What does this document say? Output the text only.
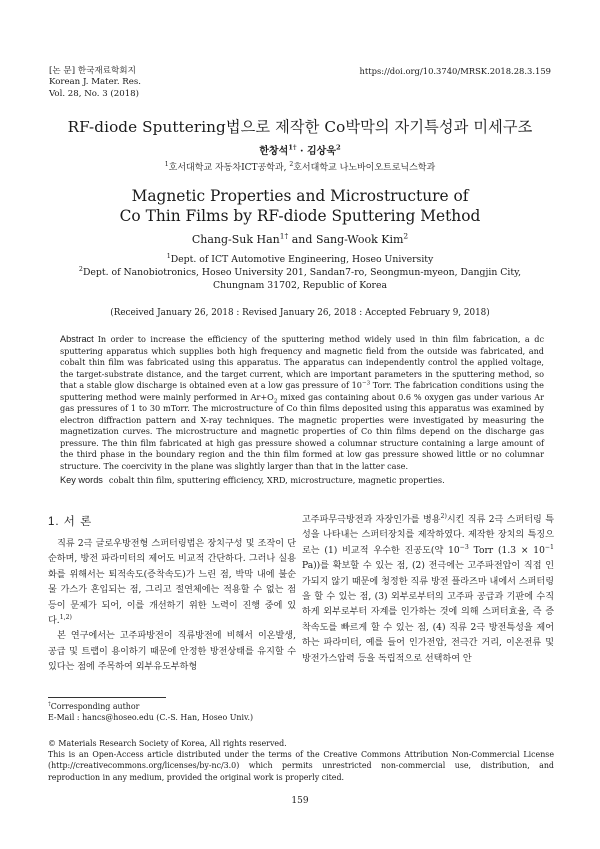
[논 문] 한국재료학회지
Korean J. Mater. Res.
Vol. 28, No. 3 (2018)
https://doi.org/10.3740/MRSK.2018.28.3.159
RF-diode Sputtering법으로 제작한 Co박막의 자기특성과 미세구조
한창석$^{1\dagger}$ · 김상욱$^2$
$^1$호서대학교 자동차ICT공학과, $^2$호서대학교 나노바이오트로닉스학과
Magnetic Properties and Microstructure of
Co Thin Films by RF-diode Sputtering Method
Chang-Suk Han$^{1\dagger}$ and Sang-Wook Kim$^2$
$^1$Dept. of ICT Automotive Engineering, Hoseo University
$^2$Dept. of Nanobiotronics, Hoseo University 201, Sandan7-ro, Seongmun-myeon, Dangjin City,
Chungnam 31702, Republic of Korea
(Received January 26, 2018 : Revised January 26, 2018 : Accepted February 9, 2018)
Abstract In order to increase the efficiency of the sputtering method widely used in thin film fabrication, a dc sputtering apparatus which supplies both high frequency and magnetic field from the outside was fabricated, and cobalt thin film was fabricated using this apparatus. The apparatus can independently control the applied voltage, the target-substrate distance, and the target current, which are important parameters in the sputtering method, so that a stable glow discharge is obtained even at a low gas pressure of $10^{-3}$ Torr. The fabrication conditions using the sputtering method were mainly performed in $Ar+O_2$ mixed gas containing about 0.6 % oxygen gas under various Ar gas pressures of 1 to 30 mTorr. The microstructure of Co thin films deposited using this apparatus was examined by electron diffraction pattern and X-ray techniques. The magnetic properties were investigated by measuring the magnetization curves. The microstructure and magnetic properties of Co thin films depend on the discharge gas pressure. The thin film fabricated at high gas pressure showed a columnar structure containing a large amount of the third phase in the boundary region and the thin film formed at low gas pressure showed little or no columnar structure. The coercivity in the plane was slightly larger than that in the latter case.
Key words cobalt thin film, sputtering efficiency, XRD, microstructure, magnetic properties.
1. 서 론

직류 2극 글로우방전형 스퍼터링법은 장치구성 및 조작이 단순하며, 방전 파라미터의 제어도 비교적 간단하다. 그러나 실용화를 위해서는 퇴적속도(증착속도)가 느린 점, 박막 내에 불순물 가스가 혼입되는 점, 그리고 절연체에는 적용할 수 없는 점 등이 문제가 되어, 이를 개선하기 위한 노력이 진행 중에 있다.$^{1,2)}$

본 연구에서는 고주파방전이 직류방전에 비해서 이온발생, 공급 및 트랩이 용이하기 때문에 안정한 방전상태를 유지할 수 있다는 점에 주목하여 외부유도부하형

고주파무극방전과 자장인가를 병용$^{2)}$시킨 직류 2극 스퍼터링 특성을 나타내는 스퍼터장치를 제작하였다. 제작한 장치의 특징으로는 (1) 비교적 우수한 진공도(약 $10^{-3}$ Torr ($1.3 \times 10^{-1}$ Pa))를 확보할 수 있는 점, (2) 전극에는 고주파전압이 직접 인가되지 않기 때문에 청정한 직류 방전 플라즈마 내에서 스퍼터링을 할 수 있는 점, (3) 외부로부터의 고주파 공급과 기판에 수직하게 외부로부터 자계를 인가하는 것에 의해 스퍼터효율, 즉 증착속도를 빠르게 할 수 있는 점, (4) 직류 2극 방전특성을 제어하는 파라미터, 예를 들어 인가전압, 전극간 거리, 이온전류 및 방전가스압력 등을 독립적으로 선택하여 안
†Corresponding author
E-Mail : hancs@hoseo.edu (C.-S. Han, Hoseo Univ.)
© Materials Research Society of Korea, All rights reserved.
This is an Open-Access article distributed under the terms of the Creative Commons Attribution Non-Commercial License (http://creativecommons.org/licenses/by-nc/3.0) which permits unrestricted non-commercial use, distribution, and reproduction in any medium, provided the original work is properly cited.
159
